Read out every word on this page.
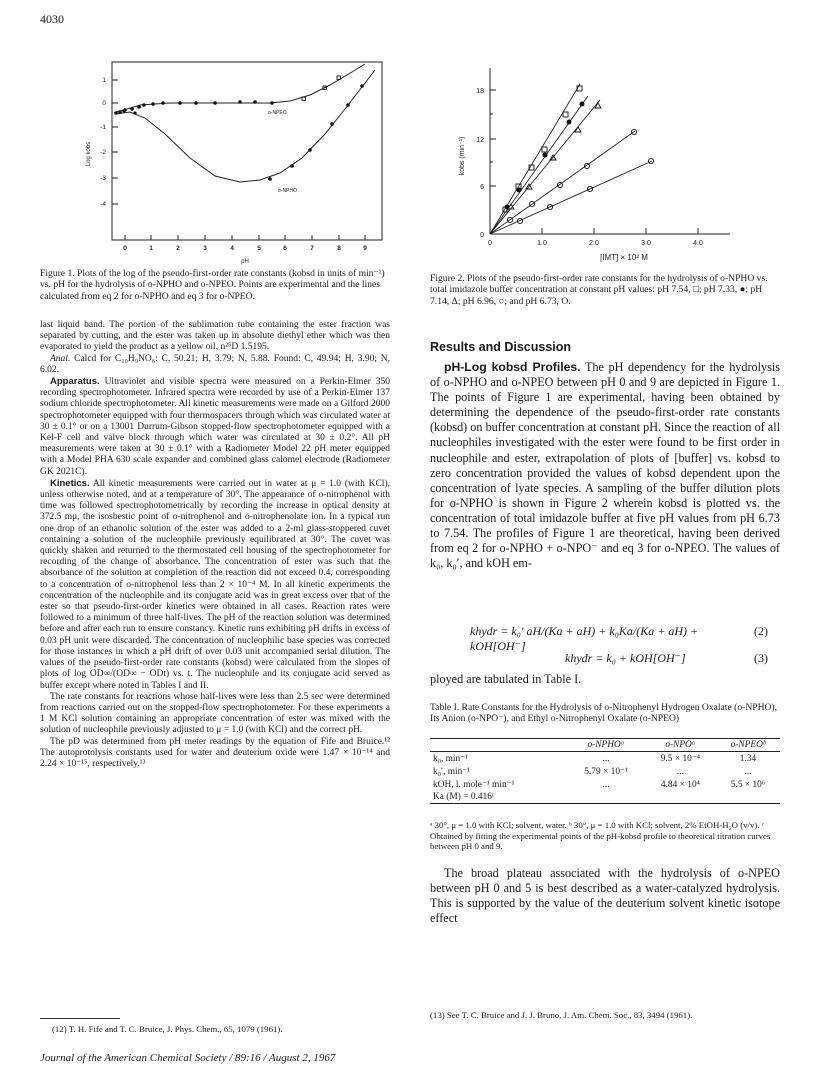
4030
1
0
-1
-2
-3
-4
0	1	2	3	4	5	6	7	8	9
pH
Log kobs
o-NPEO
o-NPHO
Figure 1. Plots of the log of the pseudo-first-order rate constants (kobsd in units of min⁻¹) vs. pH for the hydrolysis of o-NPHO and o-NPEO. Points are experimental and the lines calculated from eq 2 for o-NPHO and eq 3 for o-NPEO.
0
6
12
18
0	1.0	2.0	3.0	4.0
[IMT] × 10² M
kobs (min⁻¹)
Figure 2. Plots of the pseudo-first-order rate constants for the hydrolysis of o-NPHO vs. total imidazole buffer concentration at constant pH values: pH 7.54, □; pH 7.33, ●; pH 7.14, Δ; pH 6.96, ○; and pH 6.73, O.

last liquid band. The portion of the sublimation tube containing the ester fraction was separated by cutting, and the ester was taken up in absolute diethyl ether which was then evaporated to yield the product as a yellow oil, n²⁵D 1.5195.

Anal. Calcd for C₁₀H₉NO₆: C, 50.21; H, 3.79; N, 5.88. Found: C, 49.94; H, 3.90; N, 6.02.

Apparatus. Ultraviolet and visible spectra were measured on a Perkin-Elmer 350 recording spectrophotometer. Infrared spectra were recorded by use of a Perkin-Elmer 137 sodium chloride spectrophotometer. All kinetic measurements were made on a Gilford 2000 spectrophotometer equipped with four thermospacers through which was circulated water at 30 ± 0.1° or on a 13001 Durrum-Gibson stopped-flow spectrophotometer equipped with a Kel-F cell and valve block through which water was circulated at 30 ± 0.2°. All pH measurements were taken at 30 ± 0.1° with a Radiometer Model 22 pH meter equipped with a Model PHA 630 scale expander and combined glass calomel electrode (Radiometer GK 2021C).

Kinetics. All kinetic measurements were carried out in water at μ = 1.0 (with KCl), unless otherwise noted, and at a temperature of 30°. The appearance of o-nitrophenol with time was followed spectrophotometrically by recording the increase in optical density at 372.5 mμ, the isosbestic point of o-nitrophenol and o-nitrophenolate ion. In a typical run one drop of an ethanolic solution of the ester was added to a 2-ml glass-stoppered cuvet containing a solution of the nucleophile previously equilibrated at 30°. The cuvet was quickly shaken and returned to the thermostated cell housing of the spectrophotometer for recording of the change of absorbance. The concentration of ester was such that the absorbance of the solution at completion of the reaction did not exceed 0.4, corresponding to a concentration of o-nitrophenol less than 2 × 10⁻⁴ M. In all kinetic experiments the concentration of the nucleophile and its conjugate acid was in great excess over that of the ester so that pseudo-first-order kinetics were obtained in all cases. Reaction rates were followed to a minimum of three half-lives. The pH of the reaction solution was determined before and after each run to ensure constancy. Kinetic runs exhibiting pH drifts in excess of 0.03 pH unit were discarded. The concentration of nucleophilic base species was corrected for those instances in which a pH drift of over 0.03 unit accompanied serial dilution. The values of the pseudo-first-order rate constants (kobsd) were calculated from the slopes of plots of log OD∞/(OD∞ − ODt) vs. t. The nucleophile and its conjugate acid served as buffer except where noted in Tables I and II.

The rate constants for reactions whose half-lives were less than 2.5 sec were determined from reactions carried out on the stopped-flow spectrophotometer. For these experiments a 1 M KCl solution containing an appropriate concentration of ester was mixed with the solution of nucleophile previously adjusted to μ = 1.0 (with KCl) and the correct pH.

The pD was determined from pH meter readings by the equation of Fife and Bruice.¹² The autoprotolysis constants used for water and deuterium oxide were 1.47 × 10⁻¹⁴ and 2.24 × 10⁻¹⁵, respectively.¹³

(12) T. H. Fife and T. C. Bruice, J. Phys. Chem., 65, 1079 (1961).
Results and Discussion

pH-Log kobsd Profiles. The pH dependency for the hydrolysis of o-NPHO and o-NPEO between pH 0 and 9 are depicted in Figure 1. The points of Figure 1 are experimental, having been obtained by determining the dependence of the pseudo-first-order rate constants (kobsd) on buffer concentration at constant pH. Since the reaction of all nucleophiles investigated with the ester were found to be first order in nucleophile and ester, extrapolation of plots of [buffer] vs. kobsd to zero concentration provided the values of kobsd dependent upon the concentration of lyate species. A sampling of the buffer dilution plots for o-NPHO is shown in Figure 2 wherein kobsd is plotted vs. the concentration of total imidazole buffer at five pH values from pH 6.73 to 7.54. The profiles of Figure 1 are theoretical, having been derived from eq 2 for o-NPHO + o-NPO⁻ and eq 3 for o-NPEO. The values of k₀, k₀′, and kOH em-

khydr = k₀′ aH/(Ka + aH) + k₀Ka/(Ka + aH) + kOH[OH⁻]
(2)
khydr = k₀ + kOH[OH⁻]	(3)

ployed are tabulated in Table I.

Table I. Rate Constants for the Hydrolysis of o-Nitrophenyl Hydrogen Oxalate (o-NPHO), Its Anion (o-NPO⁻), and Ethyl o-Nitrophenyl Oxalate (o-NPEO)
	o-NPHOᵃ	o-NPOᵃ	o-NPEOᵇ
k₀, min⁻¹	...	9.5 × 10⁻⁴	1.34
k₀′, min⁻¹	5.79 × 10⁻¹	...	...
kOH, l. mole⁻¹ min⁻¹	...	4.84 × 10⁴	5.5 × 10⁶
Ka (M) = 0.416ᶜ			
ᵃ 30°, μ = 1.0 with KCl; solvent, water. ᵇ 30°, μ = 1.0 with KCl; solvent, 2% EtOH-H₂O (v/v). ᶜ Obtained by fitting the experimental points of the pH-kobsd profile to theoretical titration curves between pH 0 and 9.

The broad plateau associated with the hydrolysis of o-NPEO between pH 0 and 5 is best described as a water-catalyzed hydrolysis. This is supported by the value of the deuterium solvent kinetic isotope effect

(13) See T. C. Bruice and J. J. Bruno, J. Am. Chem. Soc., 83, 3494 (1961).
Journal of the American Chemical Society / 89:16 / August 2, 1967
